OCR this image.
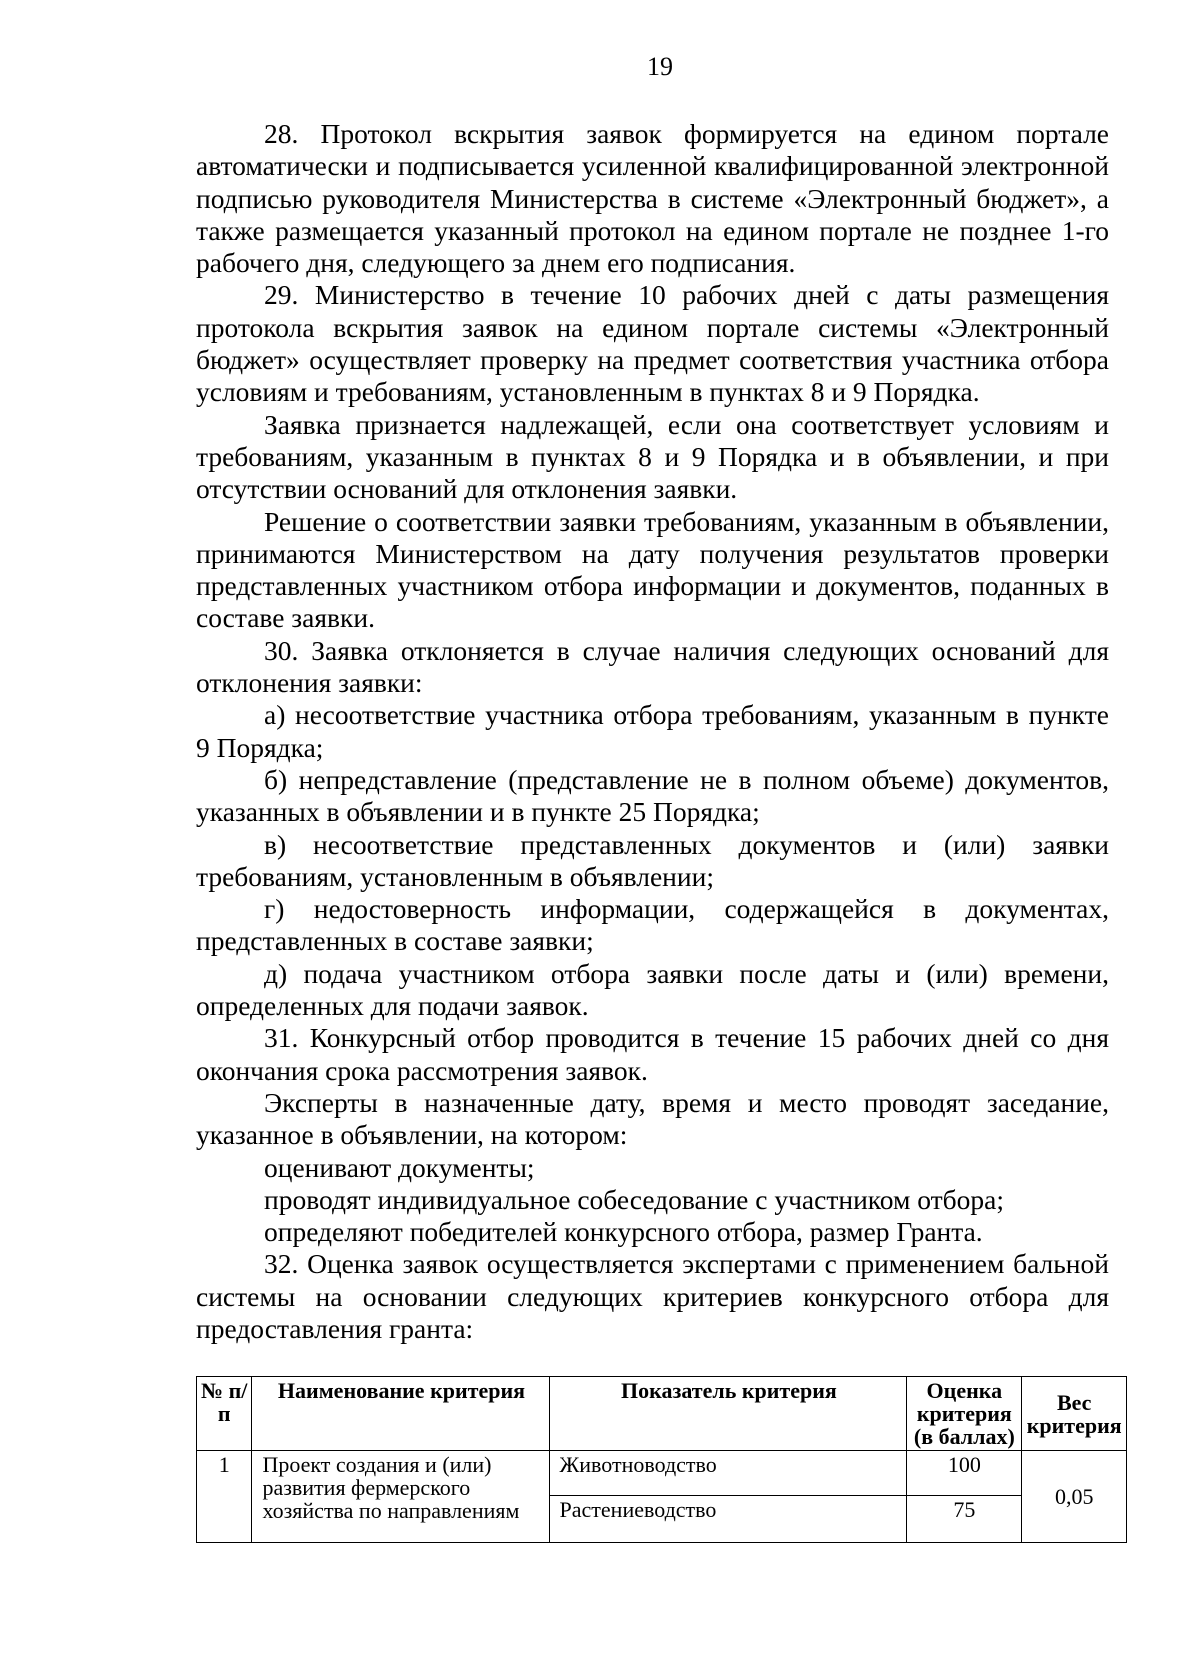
19

28. Протокол вскрытия заявок формируется на едином портале автоматически и подписывается усиленной квалифицированной электронной подписью руководителя Министерства в системе «Электронный бюджет», а также размещается указанный протокол на едином портале не позднее 1-го рабочего дня, следующего за днем его подписания.

29. Министерство в течение 10 рабочих дней с даты размещения протокола вскрытия заявок на едином портале системы «Электронный бюджет» осуществляет проверку на предмет соответствия участника отбора условиям и требованиям, установленным в пунктах 8 и 9 Порядка.

Заявка признается надлежащей, если она соответствует условиям и требованиям, указанным в пунктах 8 и 9 Порядка и в объявлении, и при отсутствии оснований для отклонения заявки.

Решение о соответствии заявки требованиям, указанным в объявлении, принимаются Министерством на дату получения результатов проверки представленных участником отбора информации и документов, поданных в составе заявки.

30. Заявка отклоняется в случае наличия следующих оснований для отклонения заявки:

а) несоответствие участника отбора требованиям, указанным в пункте 9 Порядка;

б) непредставление (представление не в полном объеме) документов, указанных в объявлении и в пункте 25 Порядка;

в) несоответствие представленных документов и (или) заявки требованиям, установленным в объявлении;

г) недостоверность информации, содержащейся в документах, представленных в составе заявки;

д) подача участником отбора заявки после даты и (или) времени, определенных для подачи заявок.

31. Конкурсный отбор проводится в течение 15 рабочих дней со дня окончания срока рассмотрения заявок.

Эксперты в назначенные дату, время и место проводят заседание, указанное в объявлении, на котором:

оценивают документы;

проводят индивидуальное собеседование с участником отбора;

определяют победителей конкурсного отбора, размер Гранта.

32. Оценка заявок осуществляется экспертами с применением бальной системы на основании следующих критериев конкурсного отбора для предоставления гранта:

№ п/п	Наименование критерия	Показатель критерия	Оценка критерия (в баллах)	Вес критерия
1	Проект создания и (или) развития фермерского хозяйства по направлениям	Животноводство	100	0,05
		Растениеводство	75	
